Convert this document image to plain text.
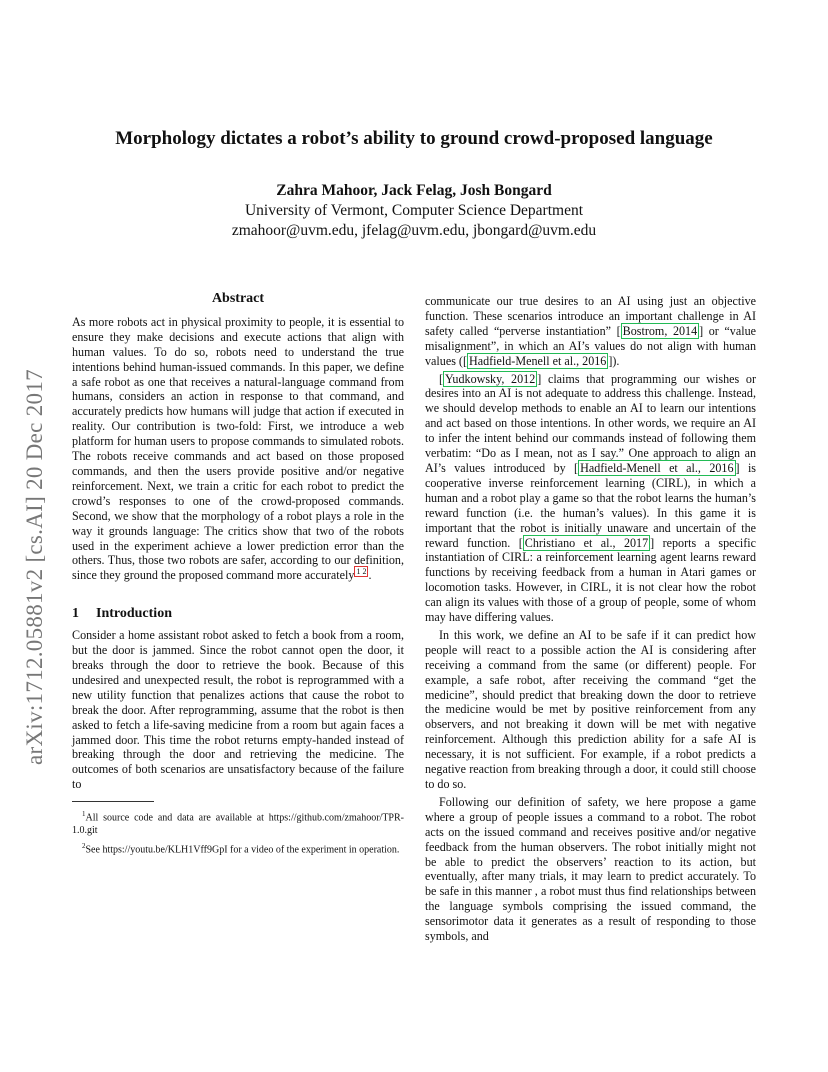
Morphology dictates a robot’s ability to ground crowd-proposed language
Zahra Mahoor, Jack Felag, Josh Bongard
University of Vermont, Computer Science Department
zmahoor@uvm.edu, jfelag@uvm.edu, jbongard@uvm.edu
arXiv:1712.05881v2 [cs.AI] 20 Dec 2017
Abstract

As more robots act in physical proximity to people, it is essential to ensure they make decisions and execute actions that align with human values. To do so, robots need to understand the true intentions behind human-issued commands. In this paper, we define a safe robot as one that receives a natural-language command from humans, considers an action in response to that command, and accurately predicts how humans will judge that action if executed in reality. Our contribution is two-fold: First, we introduce a web platform for human users to propose commands to simulated robots. The robots receive commands and act based on those proposed commands, and then the users provide positive and/or negative reinforcement. Next, we train a critic for each robot to predict the crowd’s responses to one of the crowd-proposed commands. Second, we show that the morphology of a robot plays a role in the way it grounds language: The critics show that two of the robots used in the experiment achieve a lower prediction error than the others. Thus, those two robots are safer, according to our definition, since they ground the proposed command more accurately $^{1 2}$ .

1 Introduction

Consider a home assistant robot asked to fetch a book from a room, but the door is jammed. Since the robot cannot open the door, it breaks through the door to retrieve the book. Because of this undesired and unexpected result, the robot is reprogrammed with a new utility function that penalizes actions that cause the robot to break the door. After reprogramming, assume that the robot is then asked to fetch a life-saving medicine from a room but again faces a jammed door. This time the robot returns empty-handed instead of breaking through the door and retrieving the medicine. The outcomes of both scenarios are unsatisfactory because of the failure to

$^1$All source code and data are available at https://github.com/zmahoor/TPR-1.0.git

$^2$See https://youtu.be/KLH1Vff9GpI for a video of the experiment in operation.

communicate our true desires to an AI using just an objective function. These scenarios introduce an important challenge in AI safety called “perverse instantiation” [ Bostrom, 2014 ] or “value misalignment”, in which an AI’s values do not align with human values ([ Hadfield-Menell et al., 2016 ]).

[ Yudkowsky, 2012 ] claims that programming our wishes or desires into an AI is not adequate to address this challenge. Instead, we should develop methods to enable an AI to learn our intentions and act based on those intentions. In other words, we require an AI to infer the intent behind our commands instead of following them verbatim: “Do as I mean, not as I say.” One approach to align an AI’s values introduced by [ Hadfield-Menell et al., 2016 ] is cooperative inverse reinforcement learning (CIRL), in which a human and a robot play a game so that the robot learns the human’s reward function (i.e. the human’s values). In this game it is important that the robot is initially unaware and uncertain of the reward function. [ Christiano et al., 2017 ] reports a specific instantiation of CIRL: a reinforcement learning agent learns reward functions by receiving feedback from a human in Atari games or locomotion tasks. However, in CIRL, it is not clear how the robot can align its values with those of a group of people, some of whom may have differing values.

In this work, we define an AI to be safe if it can predict how people will react to a possible action the AI is considering after receiving a command from the same (or different) people. For example, a safe robot, after receiving the command “get the medicine”, should predict that breaking down the door to retrieve the medicine would be met by positive reinforcement from any observers, and not breaking it down will be met with negative reinforcement. Although this prediction ability for a safe AI is necessary, it is not sufficient. For example, if a robot predicts a negative reaction from breaking through a door, it could still choose to do so.

Following our definition of safety, we here propose a game where a group of people issues a command to a robot. The robot acts on the issued command and receives positive and/or negative feedback from the human observers. The robot initially might not be able to predict the observers’ reaction to its action, but eventually, after many trials, it may learn to predict accurately. To be safe in this manner , a robot must thus find relationships between the language symbols comprising the issued command, the sensorimotor data it generates as a result of responding to those symbols, and
